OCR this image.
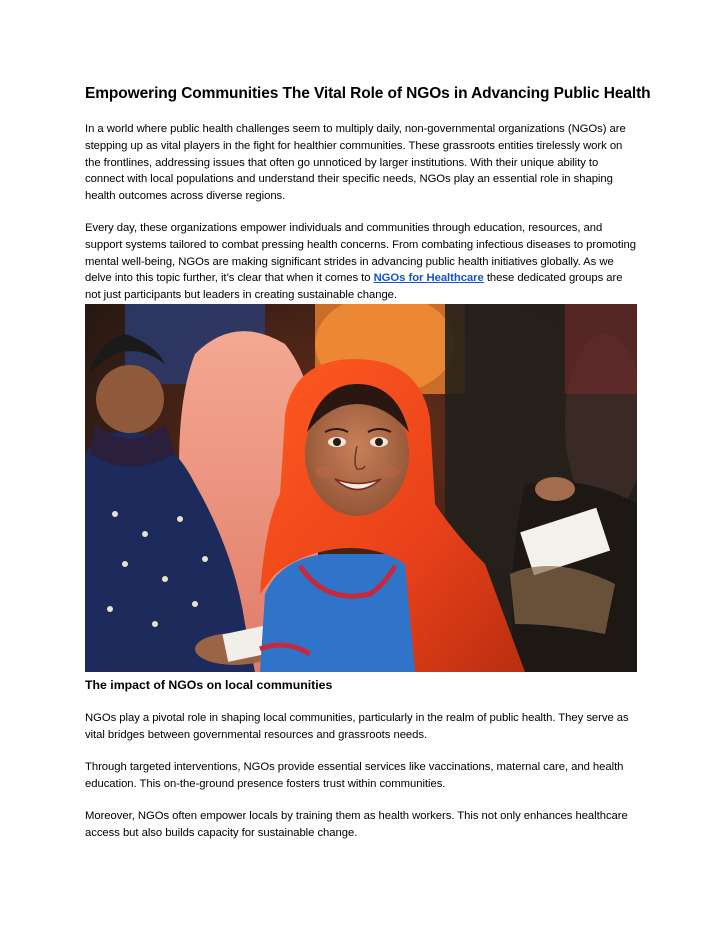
Empowering Communities The Vital Role of NGOs in Advancing Public Health

In a world where public health challenges seem to multiply daily, non-governmental organizations (NGOs) are stepping up as vital players in the fight for healthier communities. These grassroots entities tirelessly work on the frontlines, addressing issues that often go unnoticed by larger institutions. With their unique ability to connect with local populations and understand their specific needs, NGOs play an essential role in shaping health outcomes across diverse regions.

Every day, these organizations empower individuals and communities through education, resources, and support systems tailored to combat pressing health concerns. From combating infectious diseases to promoting mental well-being, NGOs are making significant strides in advancing public health initiatives globally. As we delve into this topic further, it’s clear that when it comes to NGOs for Healthcare these dedicated groups are not just participants but leaders in creating sustainable change.

The impact of NGOs on local communities

NGOs play a pivotal role in shaping local communities, particularly in the realm of public health. They serve as vital bridges between governmental resources and grassroots needs.

Through targeted interventions, NGOs provide essential services like vaccinations, maternal care, and health education. This on-the-ground presence fosters trust within communities.

Moreover, NGOs often empower locals by training them as health workers. This not only enhances healthcare access but also builds capacity for sustainable change.
